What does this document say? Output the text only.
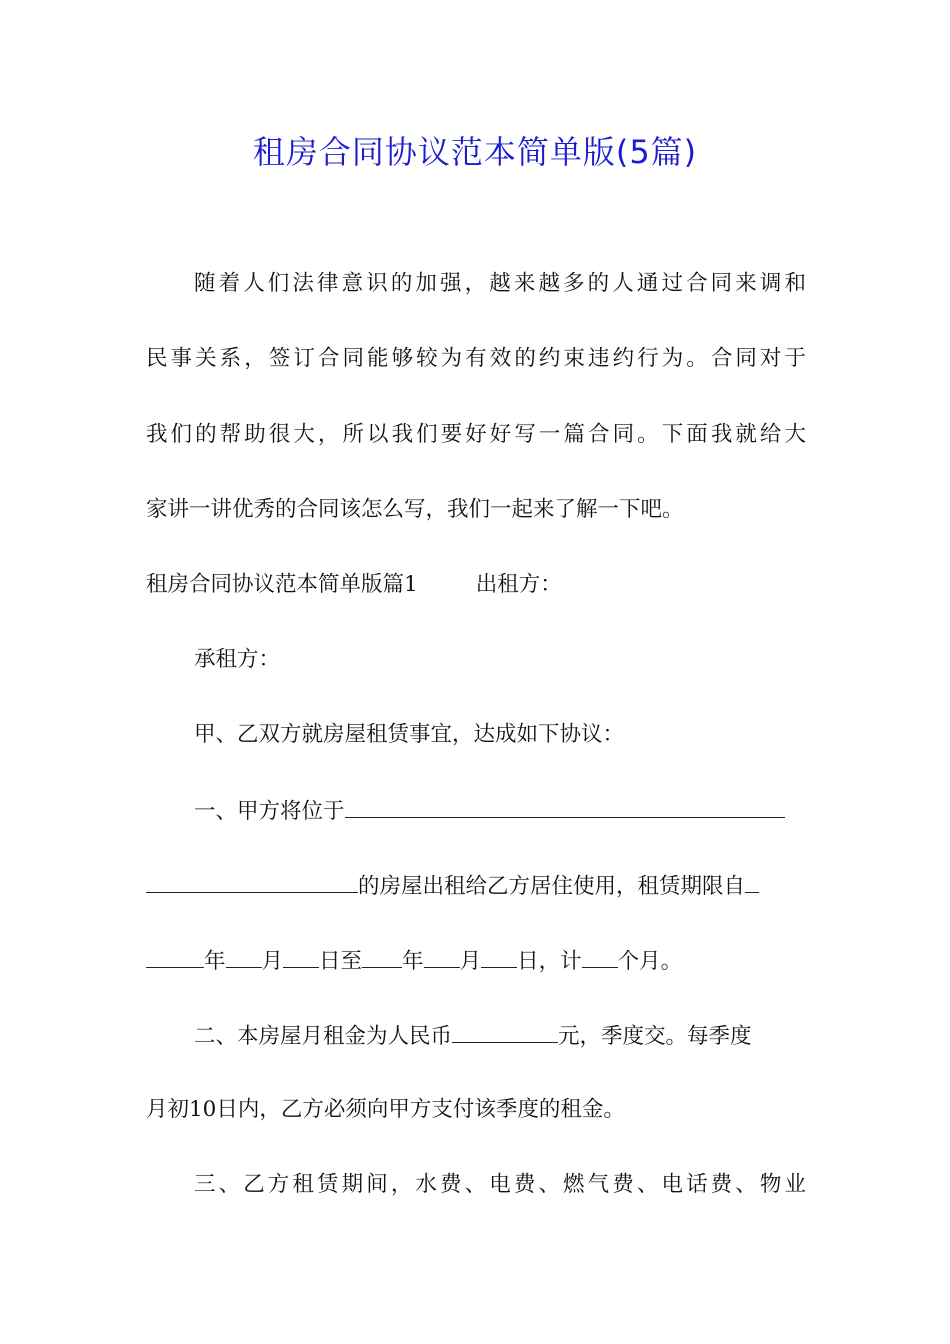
租房合同协议范本简单版(5篇)
随着人们法律意识的加强，越来越多的人通过合同来调和
民事关系，签订合同能够较为有效的约束违约行为。合同对于
我们的帮助很大，所以我们要好好写一篇合同。下面我就给大
家讲一讲优秀的合同该怎么写，我们一起来了解一下吧。
租房合同协议范本简单版篇1	出租方：
承租方：
甲、乙双方就房屋租赁事宜，达成如下协议：
一、甲方将位于
的房屋出租给乙方居住使用，租赁期限自
年 月 日至 年 月 日，计 个月。
二、本房屋月租金为人民币	元，季度交。每季度
月初10日内，乙方必须向甲方支付该季度的租金。
三、乙方租赁期间，水费、电费、燃气费、电话费、物业
